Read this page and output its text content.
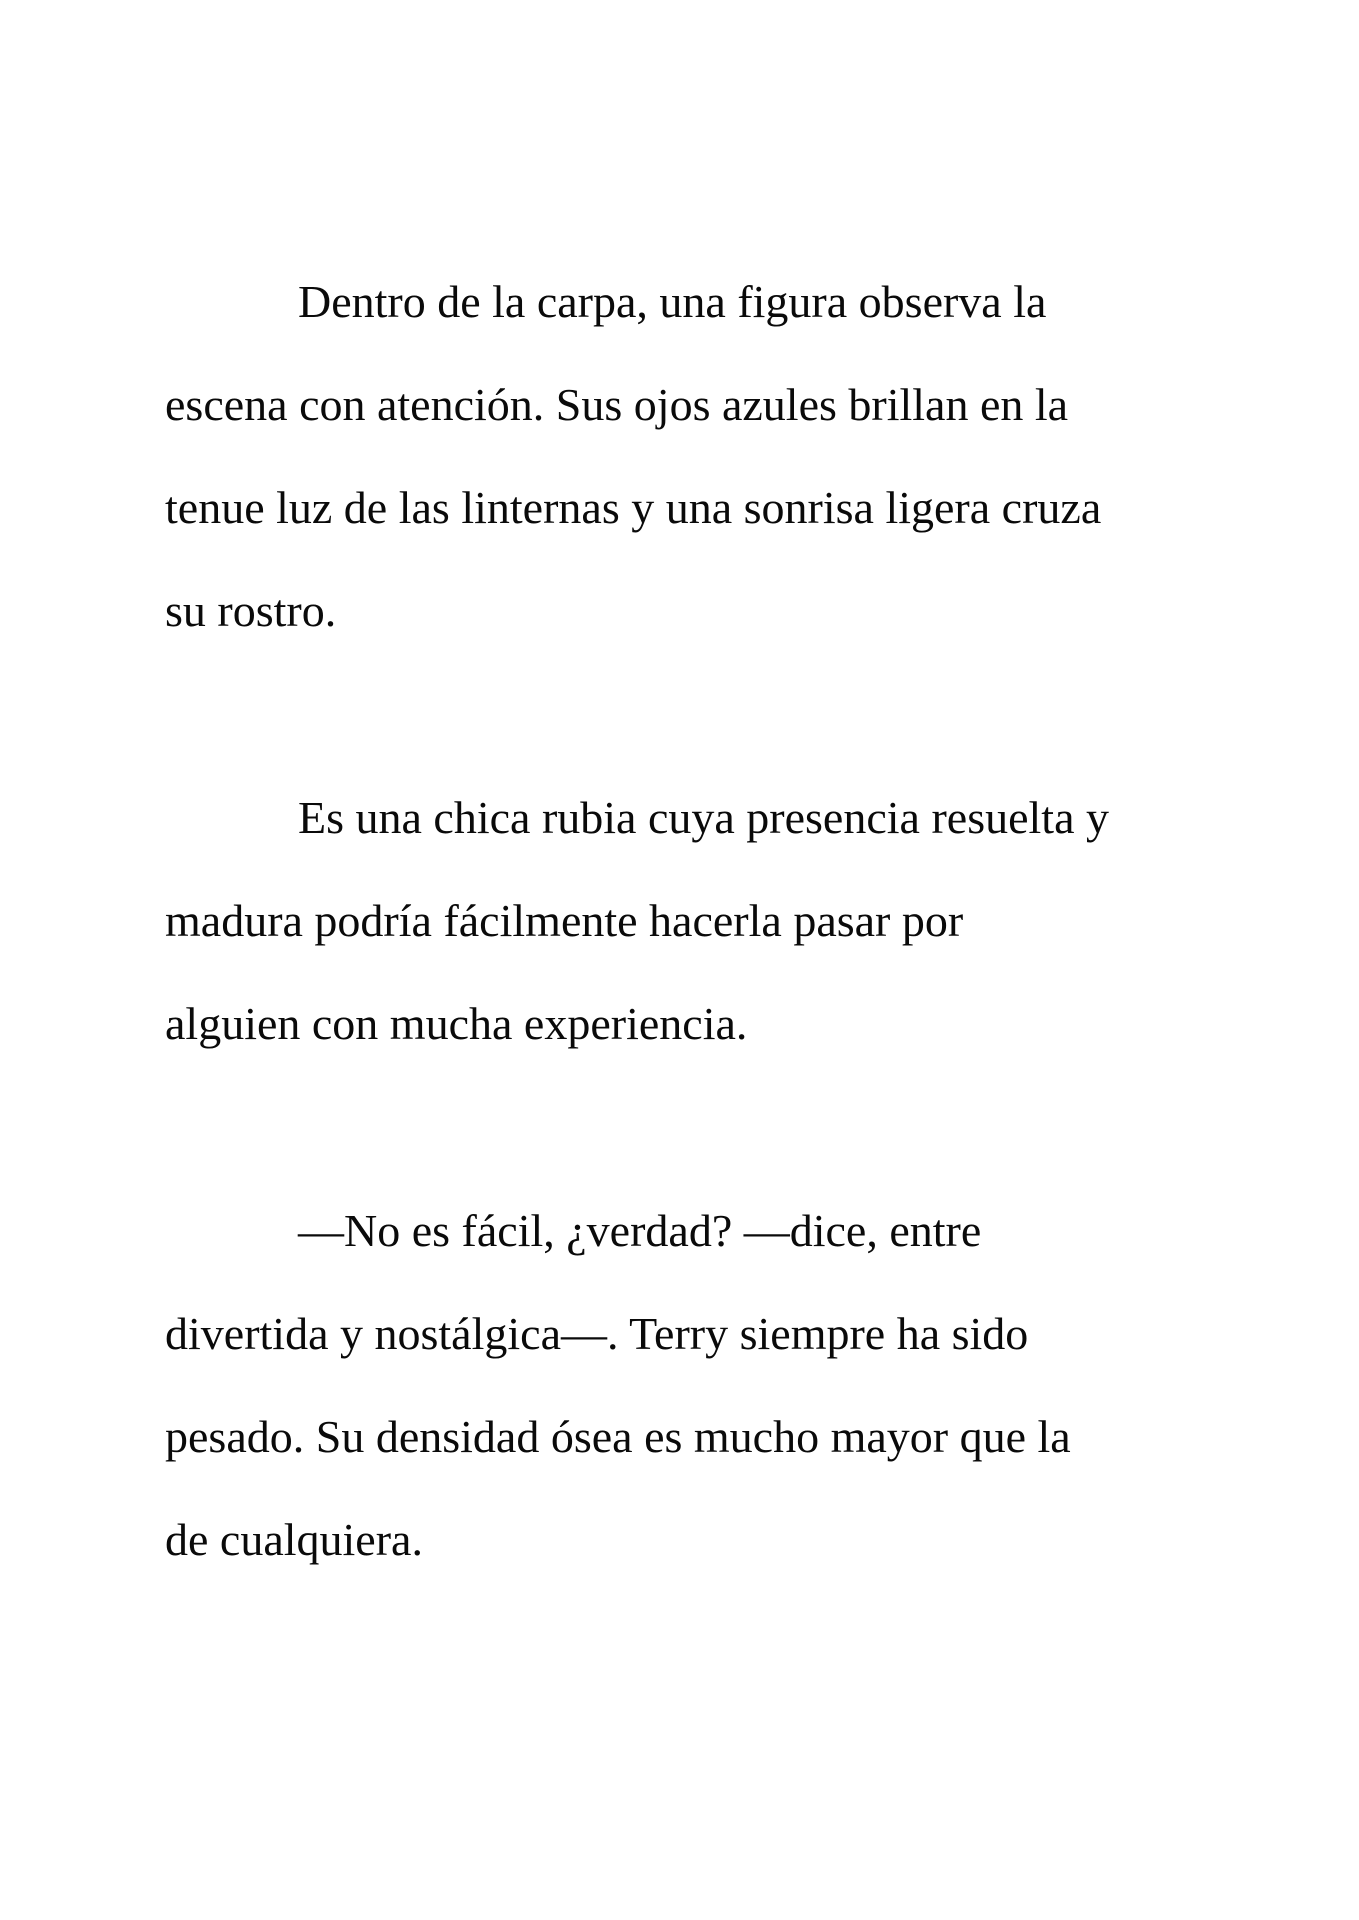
Dentro de la carpa, una figura observa la
escena con atención. Sus ojos azules brillan en la
tenue luz de las linternas y una sonrisa ligera cruza
su rostro.

Es una chica rubia cuya presencia resuelta y
madura podría fácilmente hacerla pasar por
alguien con mucha experiencia.

—No es fácil, ¿verdad? —dice, entre
divertida y nostálgica—. Terry siempre ha sido
pesado. Su densidad ósea es mucho mayor que la
de cualquiera.
